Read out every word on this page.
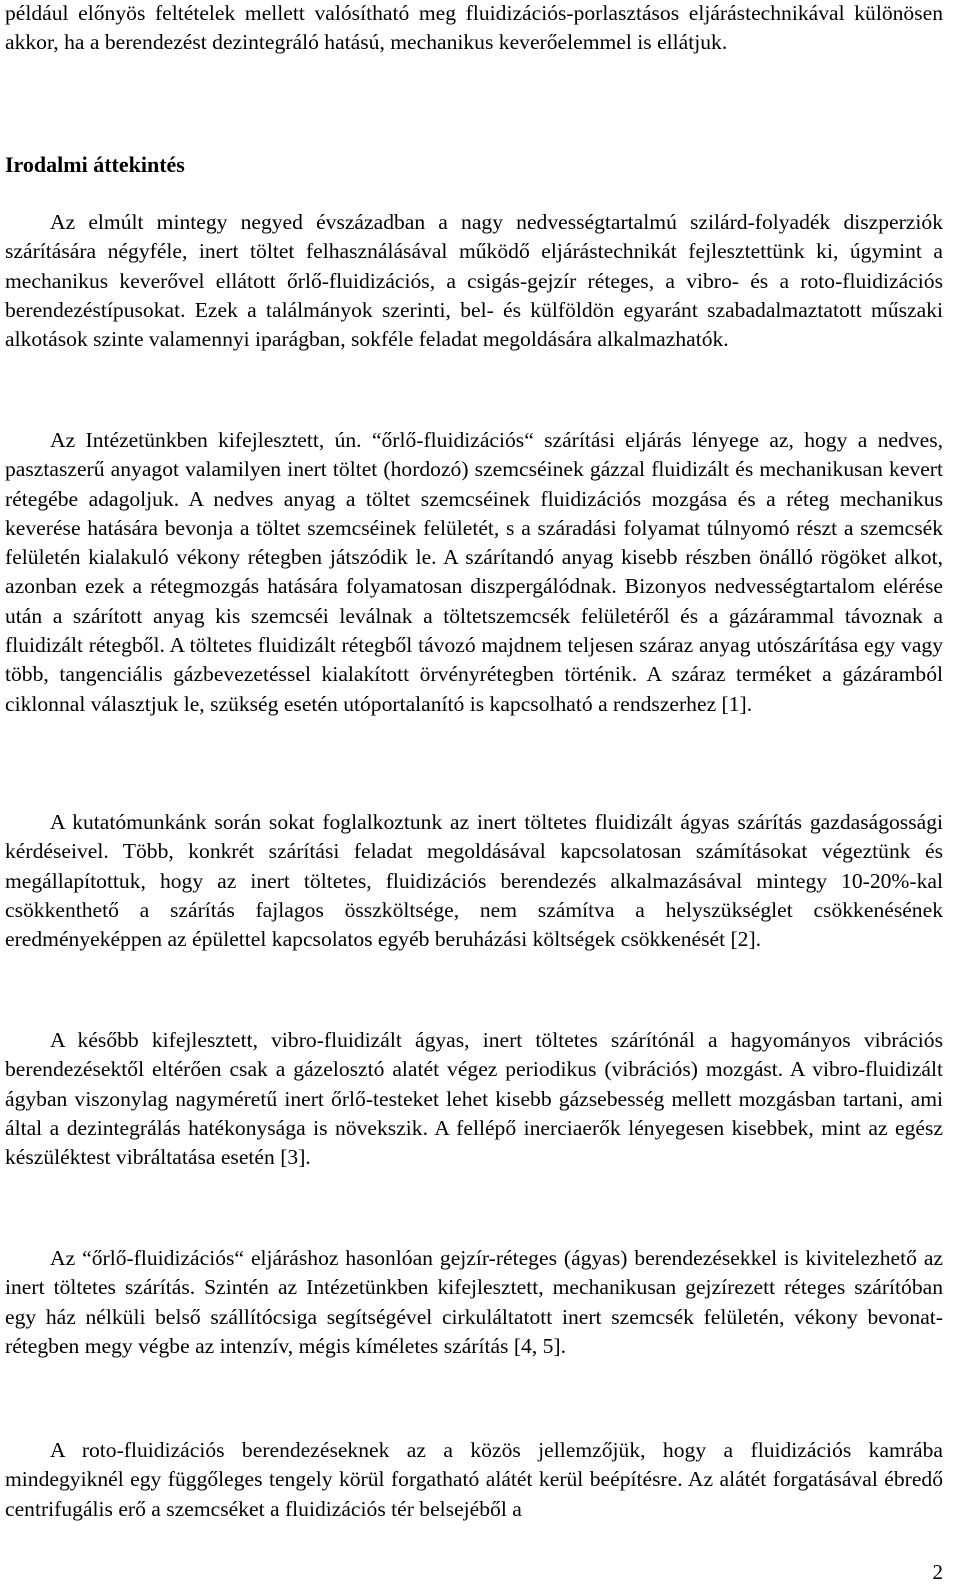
például előnyös feltételek mellett valósítható meg fluidizációs-porlasztásos eljárástechnikával különösen akkor, ha a berendezést dezintegráló hatású, mechanikus keverőelemmel is ellátjuk.

Irodalmi áttekintés

Az elmúlt mintegy negyed évszázadban a nagy nedvességtartalmú szilárd-folyadék diszperziók szárítására négyféle, inert töltet felhasználásával működő eljárástechnikát fejlesztettünk ki, úgymint a mechanikus keverővel ellátott őrlő-fluidizációs, a csigás-gejzír réteges, a vibro- és a roto-fluidizációs berendezéstípusokat. Ezek a találmányok szerinti, bel- és külföldön egyaránt szabadalmaztatott műszaki alkotások szinte valamennyi iparágban, sokféle feladat megoldására alkalmazhatók.

Az Intézetünkben kifejlesztett, ún. “őrlő-fluidizációs“ szárítási eljárás lényege az, hogy a nedves, pasztaszerű anyagot valamilyen inert töltet (hordozó) szemcséinek gázzal fluidizált és mechanikusan kevert rétegébe adagoljuk. A nedves anyag a töltet szemcséinek fluidizációs mozgása és a réteg mechanikus keverése hatására bevonja a töltet szemcséinek felületét, s a száradási folyamat túlnyomó részt a szemcsék felületén kialakuló vékony rétegben játszódik le. A szárítandó anyag kisebb részben önálló rögöket alkot, azonban ezek a rétegmozgás hatására folyamatosan diszpergálódnak. Bizonyos nedvességtartalom elérése után a szárított anyag kis szemcséi leválnak a töltetszemcsék felületéről és a gázárammal távoznak a fluidizált rétegből. A töltetes fluidizált rétegből távozó majdnem teljesen száraz anyag utószárítása egy vagy több, tangenciális gázbevezetéssel kialakított örvényrétegben történik. A száraz terméket a gázáramból ciklonnal választjuk le, szükség esetén utóportalanító is kapcsolható a rendszerhez [1].

A kutatómunkánk során sokat foglalkoztunk az inert töltetes fluidizált ágyas szárítás gazdaságossági kérdéseivel. Több, konkrét szárítási feladat megoldásával kapcsolatosan számításokat végeztünk és megállapítottuk, hogy az inert töltetes, fluidizációs berendezés alkalmazásával mintegy 10-20%-kal csökkenthető a szárítás fajlagos összköltsége, nem számítva a helyszükséglet csökkenésének eredményeképpen az épülettel kapcsolatos egyéb beruházási költségek csökkenését [2].

A később kifejlesztett, vibro-fluidizált ágyas, inert töltetes szárítónál a hagyományos vibrációs berendezésektől eltérően csak a gázelosztó alatét végez periodikus (vibrációs) mozgást. A vibro-fluidizált ágyban viszonylag nagyméretű inert őrlő-testeket lehet kisebb gázsebesség mellett mozgásban tartani, ami által a dezintegrálás hatékonysága is növekszik. A fellépő inerciaerők lényegesen kisebbek, mint az egész készüléktest vibráltatása esetén [3].

Az “őrlő-fluidizációs“ eljáráshoz hasonlóan gejzír-réteges (ágyas) berendezésekkel is kivitelezhető az inert töltetes szárítás. Szintén az Intézetünkben kifejlesztett, mechanikusan gejzírezett réteges szárítóban egy ház nélküli belső szállítócsiga segítségével cirkuláltatott inert szemcsék felületén, vékony bevonat-rétegben megy végbe az intenzív, mégis kíméletes szárítás [4, 5].

A roto-fluidizációs berendezéseknek az a közös jellemzőjük, hogy a fluidizációs kamrába mindegyiknél egy függőleges tengely körül forgatható alátét kerül beépítésre. Az alátét forgatásával ébredő centrifugális erő a szemcséket a fluidizációs tér belsejéből a

2
